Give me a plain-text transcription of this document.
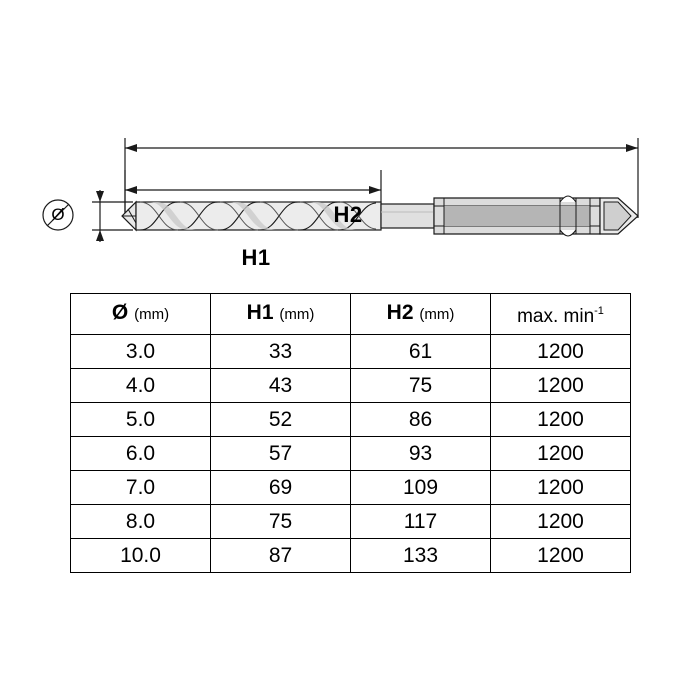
H2
H1
Ø
Ø (mm)	H1 (mm)	H2 (mm)	max. $\min^{-1}$
3.0	33	61	1200
4.0	43	75	1200
5.0	52	86	1200
6.0	57	93	1200
7.0	69	109	1200
8.0	75	117	1200
10.0	87	133	1200
